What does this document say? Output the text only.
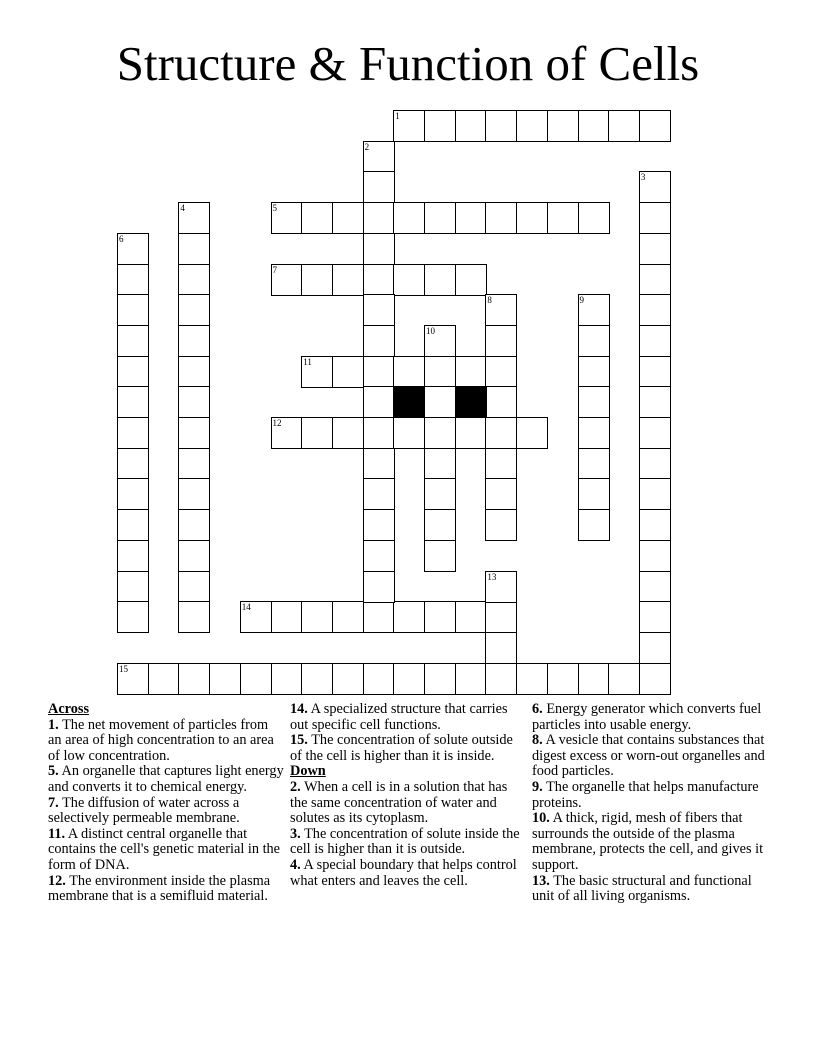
Structure & Function of Cells
1
5
7
11
12
14
15
2
3
4
6
8	9
10
13

Across

1. The net movement of particles from an area of high concentration to an area of low concentration.

5. An organelle that captures light energy and converts it to chemical energy.

7. The diffusion of water across a selectively permeable membrane.

11. A distinct central organelle that contains the cell's genetic material in the form of DNA.

12. The environment inside the plasma membrane that is a semifluid material.

14. A specialized structure that carries out specific cell functions.

15. The concentration of solute outside of the cell is higher than it is inside.

Down

2. When a cell is in a solution that has the same concentration of water and solutes as its cytoplasm.

3. The concentration of solute inside the cell is higher than it is outside.

4. A special boundary that helps control what enters and leaves the cell.

6. Energy generator which converts fuel particles into usable energy.

8. A vesicle that contains substances that digest excess or worn-out organelles and food particles.

9. The organelle that helps manufacture proteins.

10. A thick, rigid, mesh of fibers that surrounds the outside of the plasma membrane, protects the cell, and gives it support.

13. The basic structural and functional unit of all living organisms.
